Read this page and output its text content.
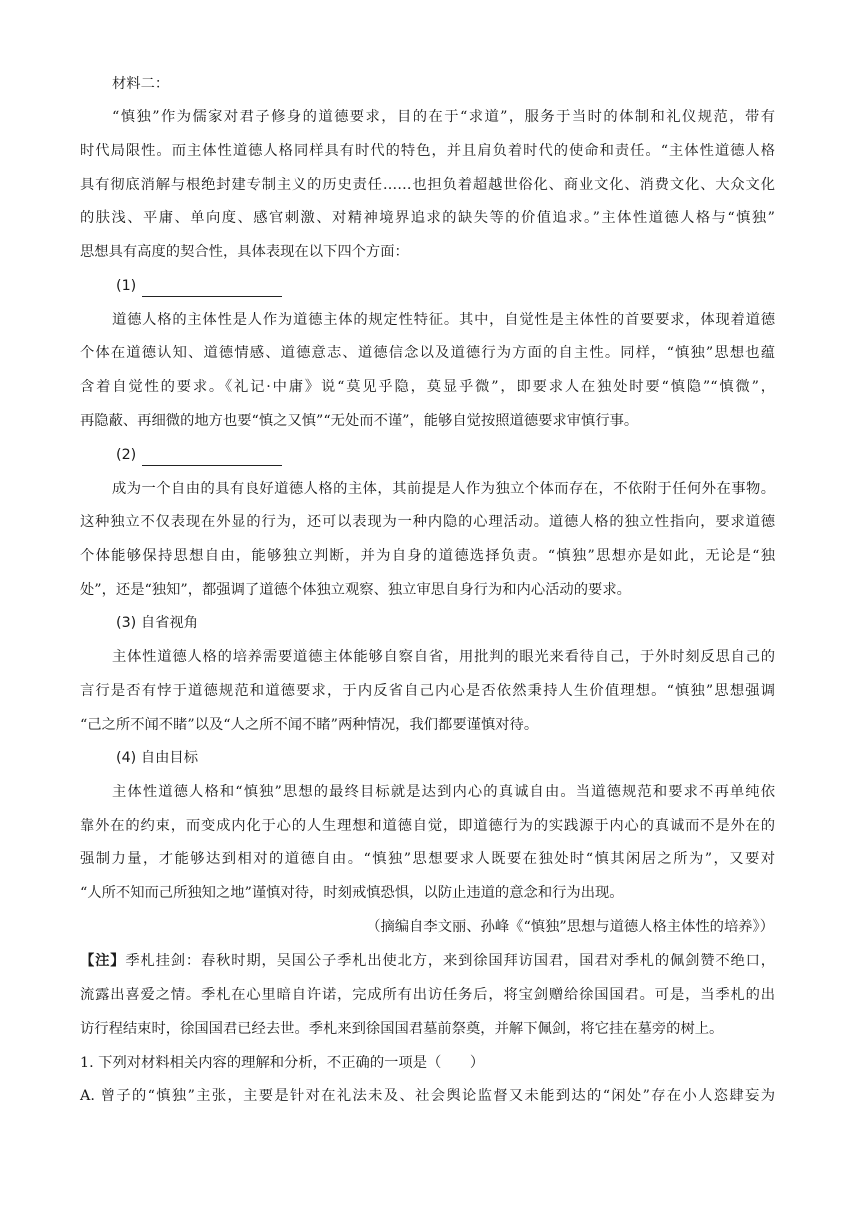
材料二：
“慎独”作为儒家对君子修身的道德要求，目的在于“求道”，服务于当时的体制和礼仪规范，带有
时代局限性。而主体性道德人格同样具有时代的特色，并且肩负着时代的使命和责任。“主体性道德人格
具有彻底消解与根绝封建专制主义的历史责任……也担负着超越世俗化、商业文化、消费文化、大众文化
的肤浅、平庸、单向度、感官刺激、对精神境界追求的缺失等的价值追求。”主体性道德人格与“慎独”
思想具有高度的契合性，具体表现在以下四个方面：
(1)
道德人格的主体性是人作为道德主体的规定性特征。其中，自觉性是主体性的首要要求，体现着道德
个体在道德认知、道德情感、道德意志、道德信念以及道德行为方面的自主性。同样，“慎独”思想也蕴
含着自觉性的要求。《礼记·中庸》说“莫见乎隐，莫显乎微”，即要求人在独处时要“慎隐”“慎微”，
再隐蔽、再细微的地方也要“慎之又慎”“无处而不谨”，能够自觉按照道德要求审慎行事。
(2)
成为一个自由的具有良好道德人格的主体，其前提是人作为独立个体而存在，不依附于任何外在事物。
这种独立不仅表现在外显的行为，还可以表现为一种内隐的心理活动。道德人格的独立性指向，要求道德
个体能够保持思想自由，能够独立判断，并为自身的道德选择负责。“慎独”思想亦是如此，无论是“独
处”，还是“独知”，都强调了道德个体独立观察、独立审思自身行为和内心活动的要求。
(3) 自省视角
主体性道德人格的培养需要道德主体能够自察自省，用批判的眼光来看待自己，于外时刻反思自己的
言行是否有悖于道德规范和道德要求，于内反省自己内心是否依然秉持人生价值理想。“慎独”思想强调
“己之所不闻不睹”以及“人之所不闻不睹”两种情况，我们都要谨慎对待。
(4) 自由目标
主体性道德人格和“慎独”思想的最终目标就是达到内心的真诚自由。当道德规范和要求不再单纯依
靠外在的约束，而变成内化于心的人生理想和道德自觉，即道德行为的实践源于内心的真诚而不是外在的
强制力量，才能够达到相对的道德自由。“慎独”思想要求人既要在独处时“慎其闲居之所为”，又要对
“人所不知而己所独知之地”谨慎对待，时刻戒慎恐惧，以防止违道的意念和行为出现。
（摘编自李文丽、孙峰《“慎独”思想与道德人格主体性的培养》）
【注】季札挂剑：春秋时期，吴国公子季札出使北方，来到徐国拜访国君，国君对季札的佩剑赞不绝口，
流露出喜爱之情。季札在心里暗自许诺，完成所有出访任务后，将宝剑赠给徐国国君。可是，当季札的出
访行程结束时，徐国国君已经去世。季札来到徐国国君墓前祭奠，并解下佩剑，将它挂在墓旁的树上。
1. 下列对材料相关内容的理解和分析，不正确的一项是（　　）
A. 曾子的“慎独”主张，主要是针对在礼法未及、社会舆论监督又未能到达的“闲处”存在小人恣肆妄为
